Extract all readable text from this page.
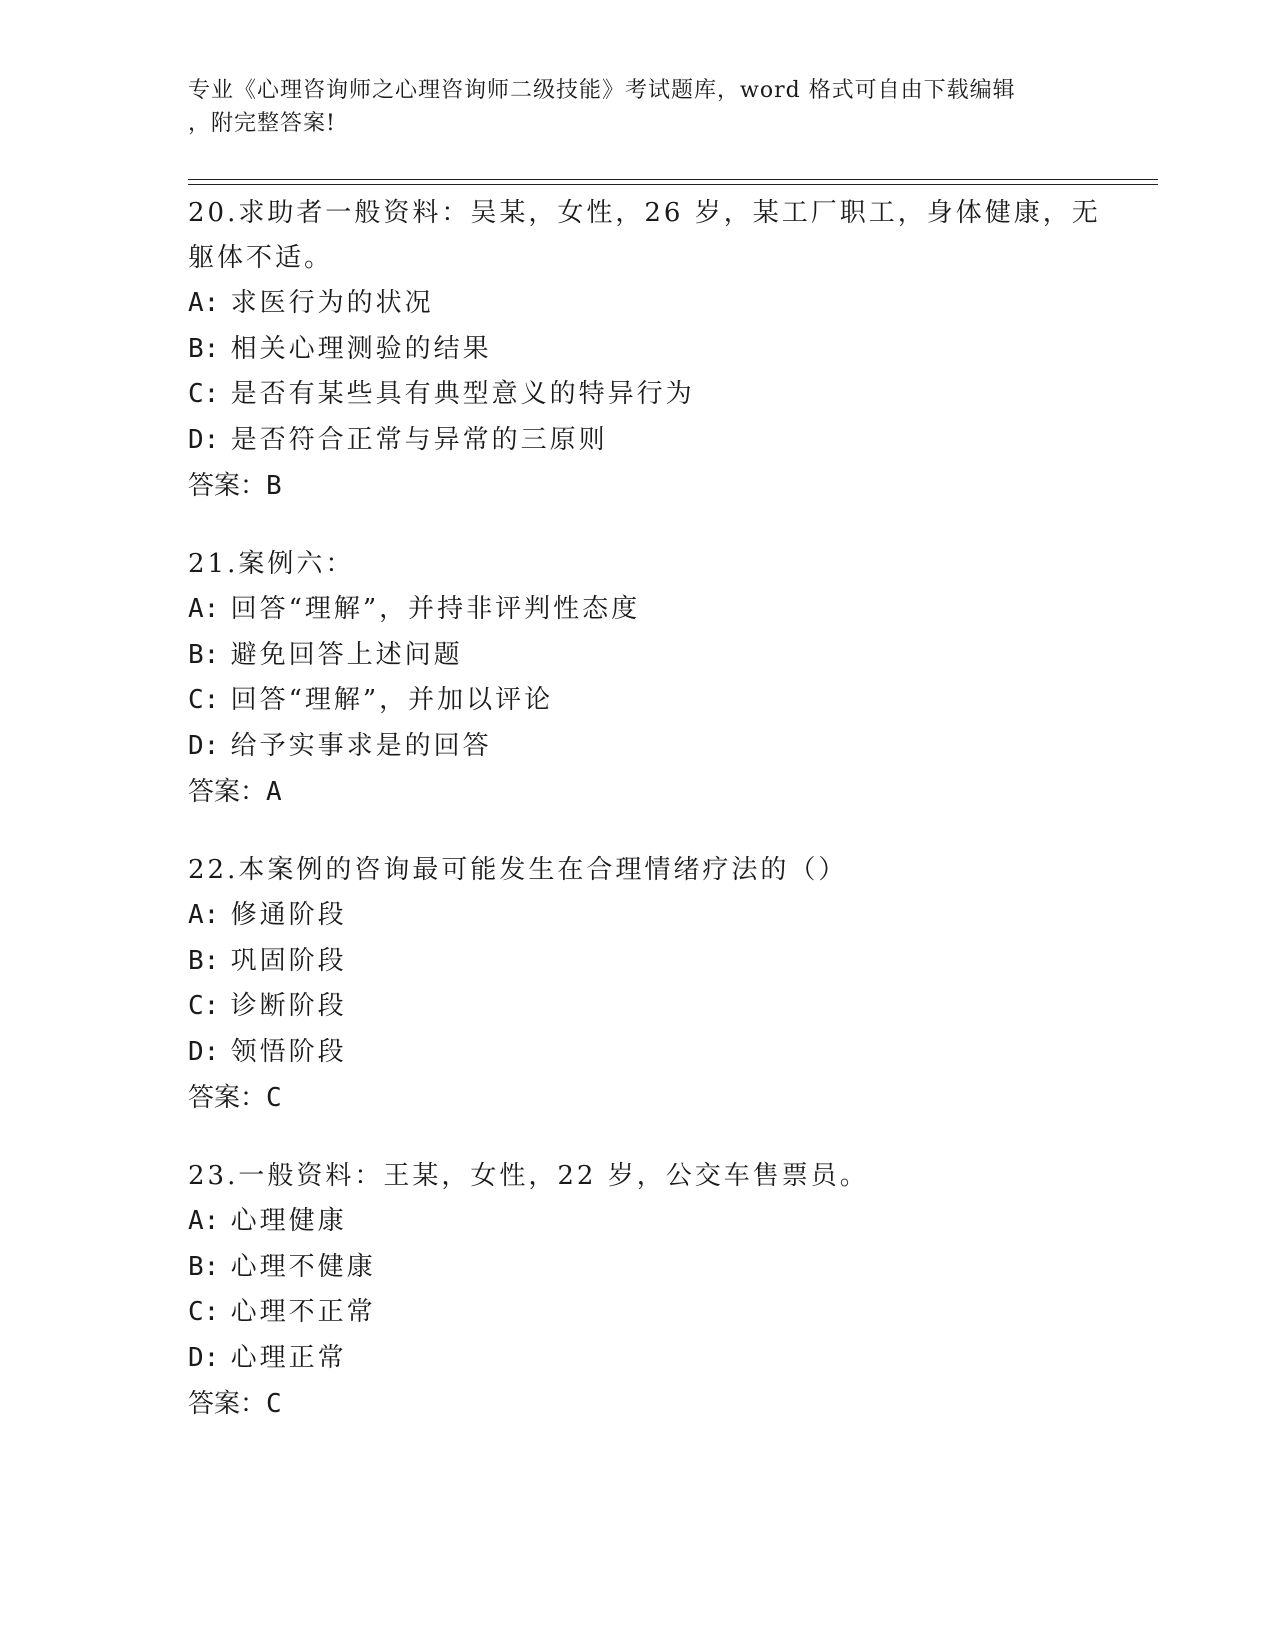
专业《心理咨询师之心理咨询师二级技能》考试题库，word 格式可自由下载编辑
，附完整答案!
20.求助者一般资料：吴某，女性，26 岁，某工厂职工，身体健康，无
躯体不适。
A: 求医行为的状况
B: 相关心理测验的结果
C: 是否有某些具有典型意义的特异行为
D: 是否符合正常与异常的三原则
答案：B
21.案例六：
A: 回答“理解”，并持非评判性态度
B: 避免回答上述问题
C: 回答“理解”，并加以评论
D: 给予实事求是的回答
答案：A
22.本案例的咨询最可能发生在合理情绪疗法的（）
A: 修通阶段
B: 巩固阶段
C: 诊断阶段
D: 领悟阶段
答案：C
23.一般资料：王某，女性，22 岁，公交车售票员。
A: 心理健康
B: 心理不健康
C: 心理不正常
D: 心理正常
答案：C
